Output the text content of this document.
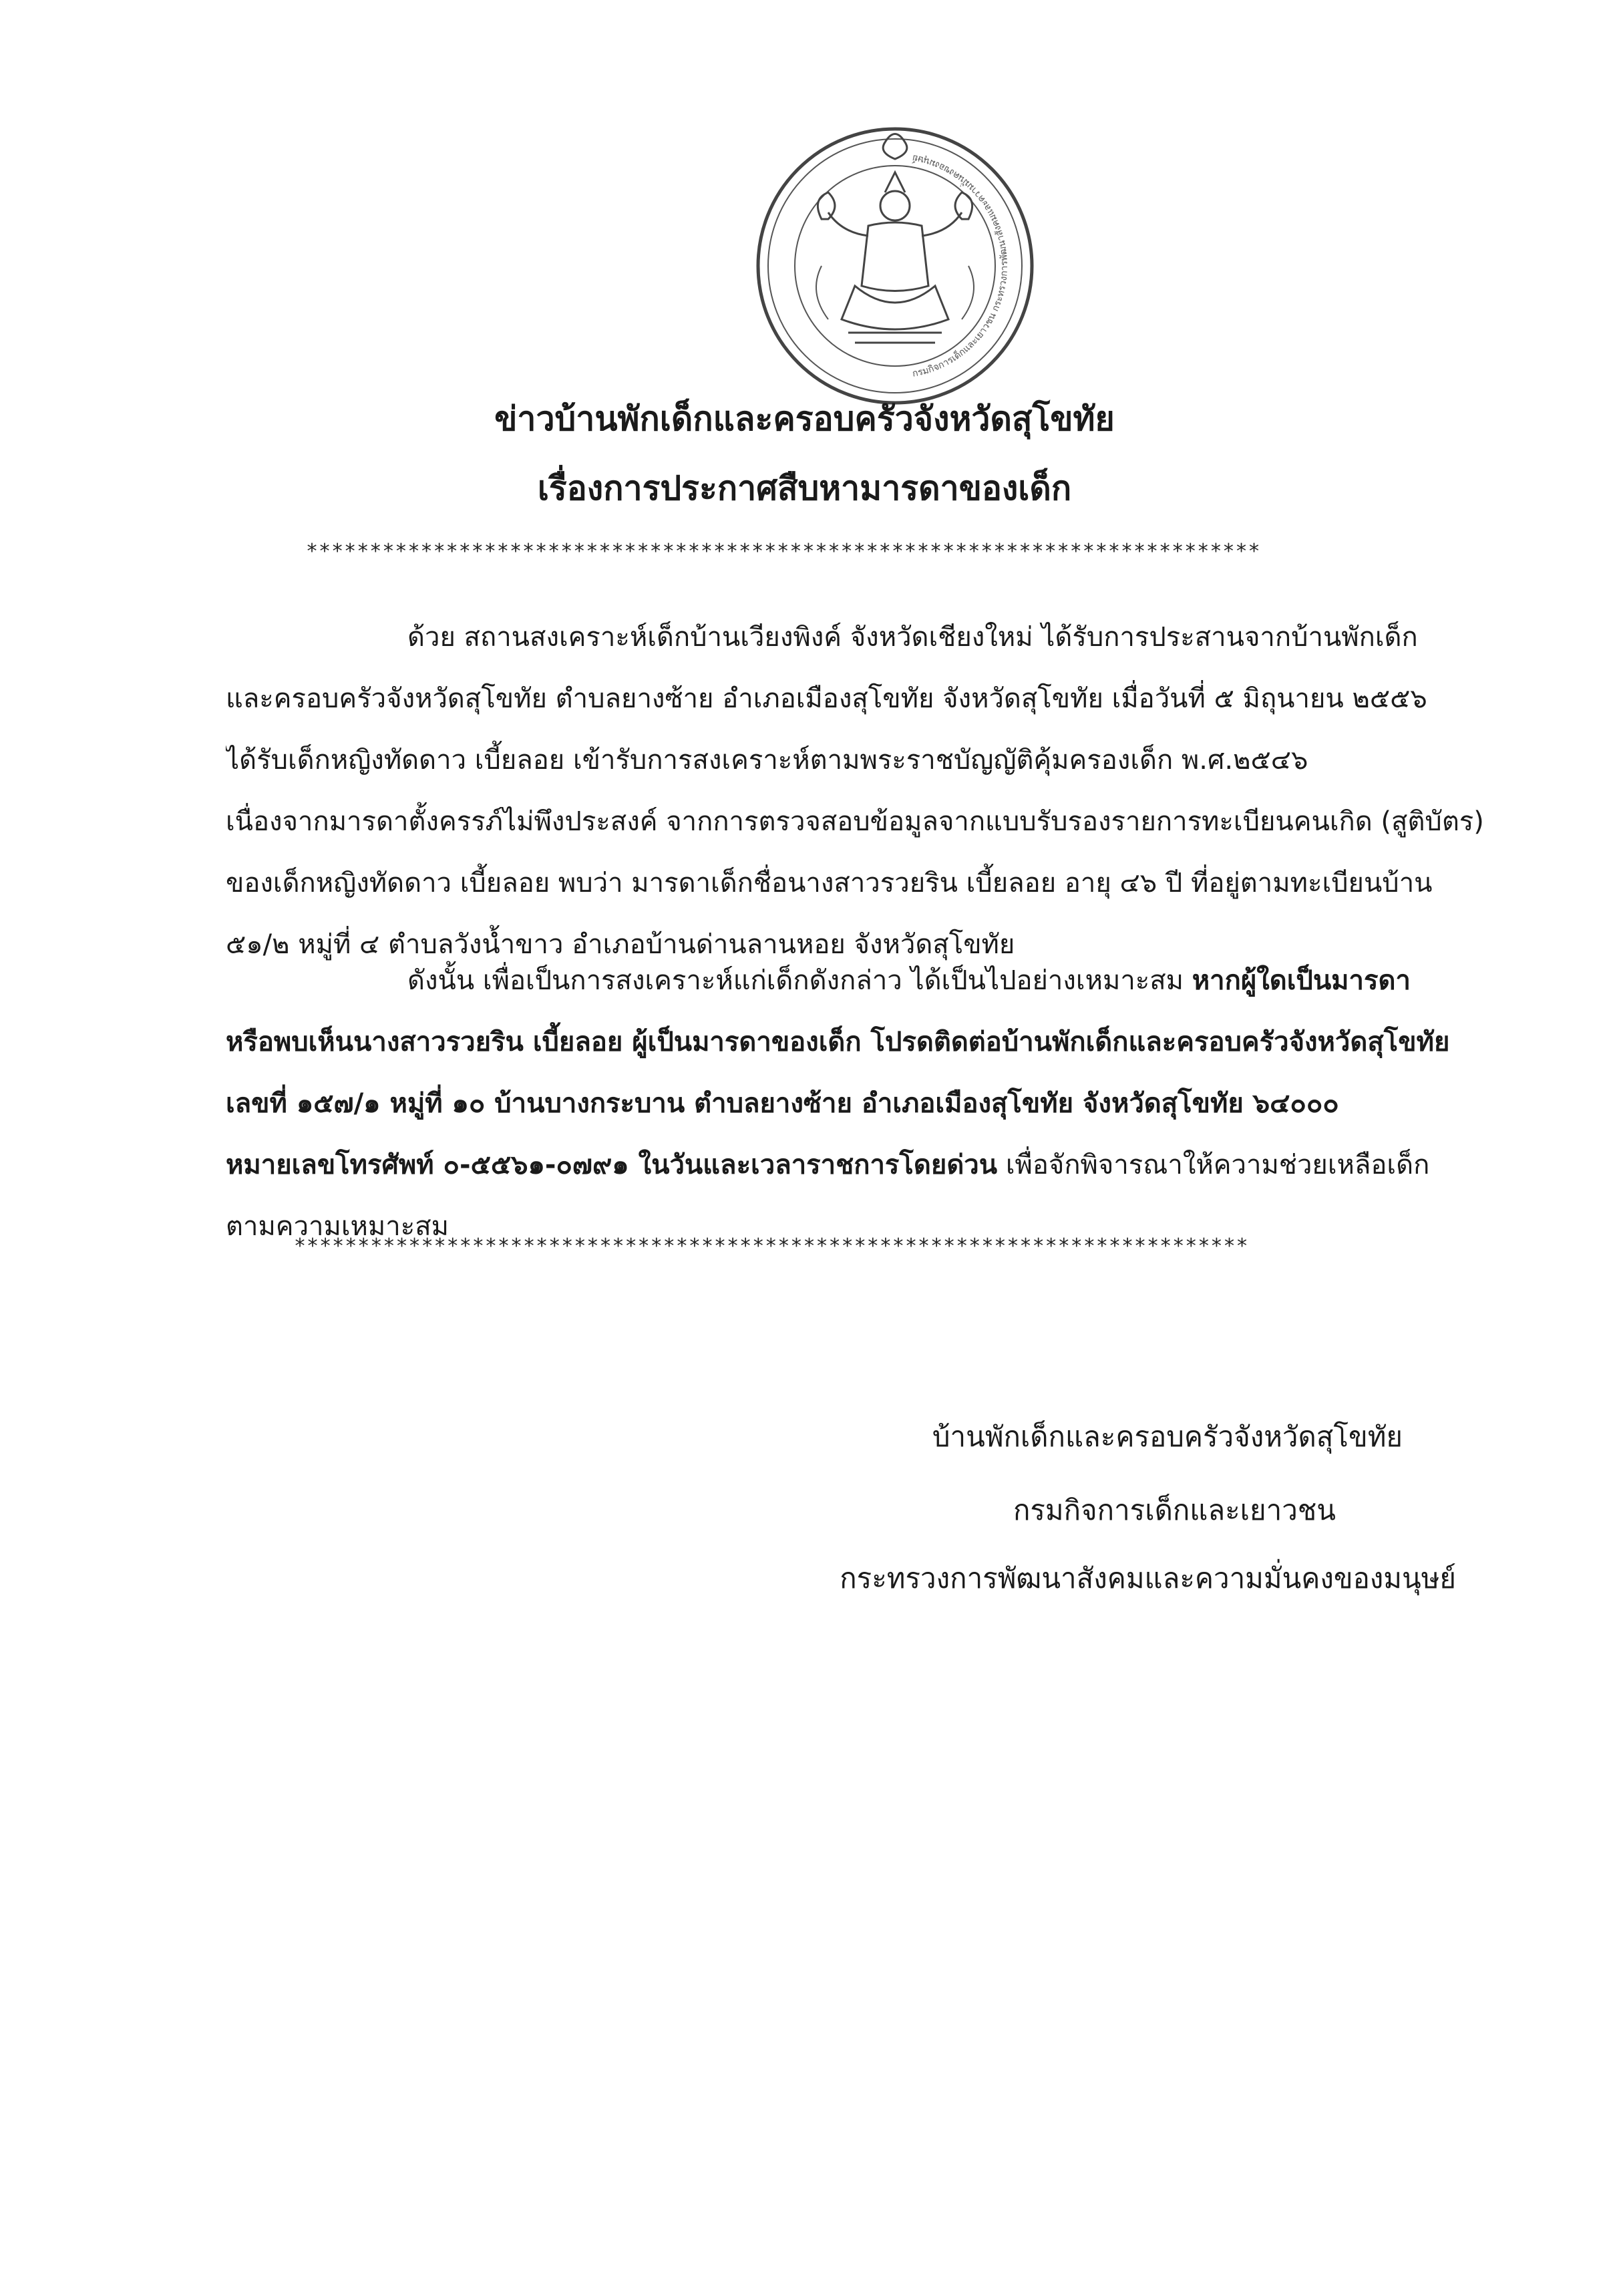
กรมกิจการเด็กและเยาวชน กระทรวงการพัฒนาสังคมและความมั่นคงของมนุษย์
ข่าวบ้านพักเด็กและครอบครัวจังหวัดสุโขทัย
เรื่องการประกาศสืบหามารดาของเด็ก
***************************************************************************
ด้วย สถานสงเคราะห์เด็กบ้านเวียงพิงค์ จังหวัดเชียงใหม่ ได้รับการประสานจากบ้านพักเด็ก
และครอบครัวจังหวัดสุโขทัย ตำบลยางซ้าย อำเภอเมืองสุโขทัย จังหวัดสุโขทัย เมื่อวันที่ ๕ มิถุนายน ๒๕๕๖
ได้รับเด็กหญิงทัดดาว เบี้ยลอย เข้ารับการสงเคราะห์ตามพระราชบัญญัติคุ้มครองเด็ก พ.ศ.๒๕๔๖
เนื่องจากมารดาตั้งครรภ์ไม่พึงประสงค์ จากการตรวจสอบข้อมูลจากแบบรับรองรายการทะเบียนคนเกิด (สูติบัตร)
ของเด็กหญิงทัดดาว เบี้ยลอย พบว่า มารดาเด็กชื่อนางสาวรวยริน เบี้ยลอย อายุ ๔๖ ปี ที่อยู่ตามทะเบียนบ้าน
๕๑/๒ หมู่ที่ ๔ ตำบลวังน้ำขาว อำเภอบ้านด่านลานหอย จังหวัดสุโขทัย
ดังนั้น เพื่อเป็นการสงเคราะห์แก่เด็กดังกล่าว ได้เป็นไปอย่างเหมาะสม หากผู้ใดเป็นมารดา
หรือพบเห็นนางสาวรวยริน เบี้ยลอย ผู้เป็นมารดาของเด็ก โปรดติดต่อบ้านพักเด็กและครอบครัวจังหวัดสุโขทัย
เลขที่ ๑๕๗/๑ หมู่ที่ ๑๐ บ้านบางกระบาน ตำบลยางซ้าย อำเภอเมืองสุโขทัย จังหวัดสุโขทัย ๖๔๐๐๐
หมายเลขโทรศัพท์ ๐-๕๕๖๑-๐๗๙๑ ในวันและเวลาราชการโดยด่วน เพื่อจักพิจารณาให้ความช่วยเหลือเด็ก
ตามความเหมาะสม
***************************************************************************
บ้านพักเด็กและครอบครัวจังหวัดสุโขทัย
กรมกิจการเด็กและเยาวชน
กระทรวงการพัฒนาสังคมและความมั่นคงของมนุษย์
